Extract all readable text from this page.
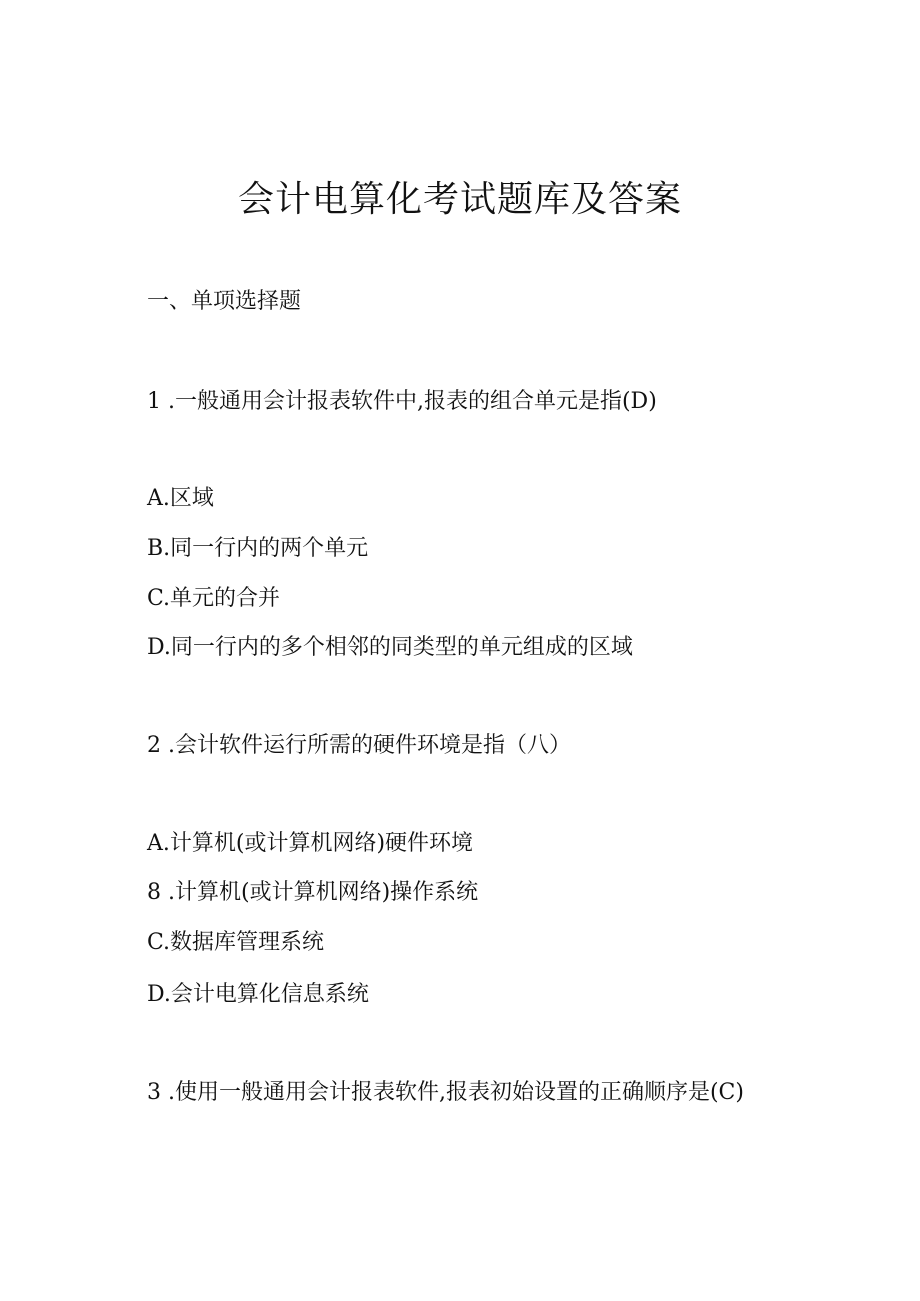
会计电算化考试题库及答案
一、单项选择题
1 .一般通用会计报表软件中,报表的组合单元是指(D)
A.区域
B.同一行内的两个单元
C.单元的合并
D.同一行内的多个相邻的同类型的单元组成的区域
2 .会计软件运行所需的硬件环境是指（八）
A.计算机(或计算机网络)硬件环境
8 .计算机(或计算机网络)操作系统
C.数据库管理系统
D.会计电算化信息系统
3 .使用一般通用会计报表软件,报表初始设置的正确顺序是(C)
